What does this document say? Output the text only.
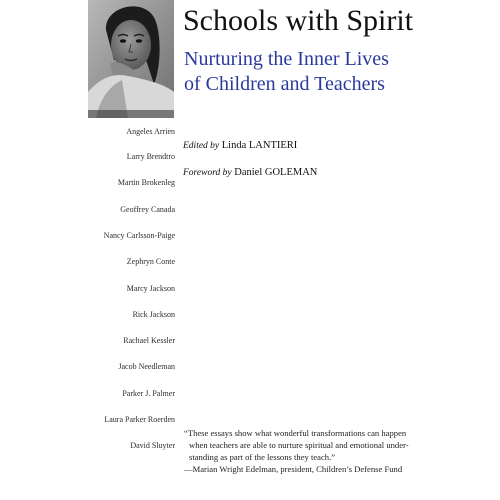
Schools with Spirit
Nurturing the Inner Lives
of Children and Teachers
Edited by Linda LANTIERI
Foreword by Daniel GOLEMAN
Angeles Arrien
Larry Brendtro
Martin Brokenleg
Geoffrey Canada
Nancy Carlsson-Paige
Zephryn Conte
Marcy Jackson
Rick Jackson
Rachael Kessler
Jacob Needleman
Parker J. Palmer
Laura Parker Roerden
David Sluyter
“These essays show what wonderful transformations can happen
when teachers are able to nurture spiritual and emotional under-
standing as part of the lessons they teach.”
—Marian Wright Edelman, president, Children’s Defense Fund
